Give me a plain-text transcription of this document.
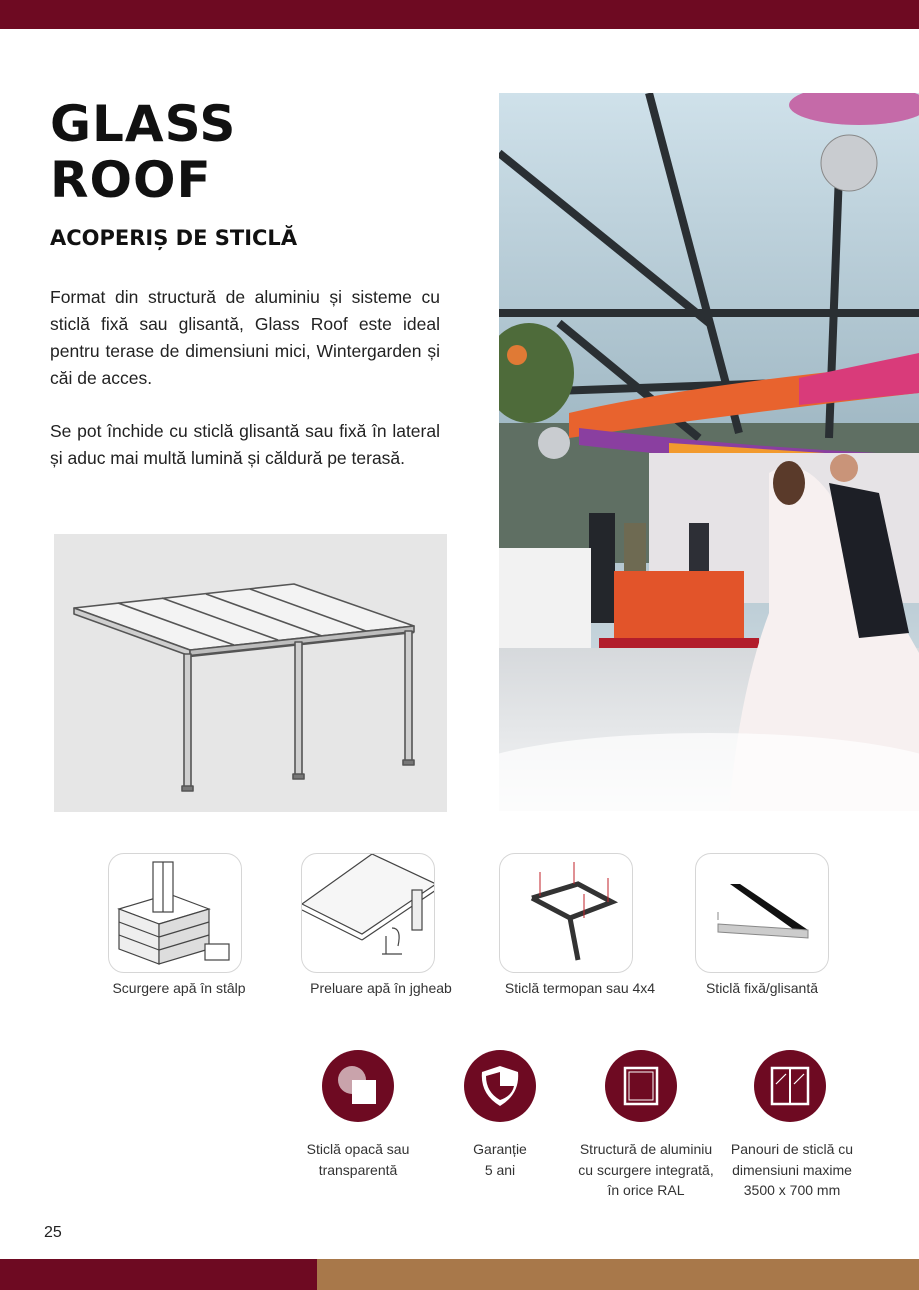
GLASS
ROOF
ACOPERIȘ DE STICLĂ

Format din structură de aluminiu și sisteme cu sticlă fixă sau glisantă, Glass Roof este ideal pentru terase de dimensiuni mici, Wintergarden și căi de acces.

Se pot închide cu sticlă glisantă sau fixă în lateral și aduc mai multă lumină și căldură pe terasă.

Scurgere apă în stâlp	Preluare apă în jgheab	Sticlă termopan sau 4x4	Sticlă fixă/glisantă
Sticlă opacă sau
transparentă
Garanție
5 ani
Structură de aluminiu
cu scurgere integrată,
în orice RAL
Panouri de sticlă cu
dimensiuni maxime
3500 x 700 mm
25
